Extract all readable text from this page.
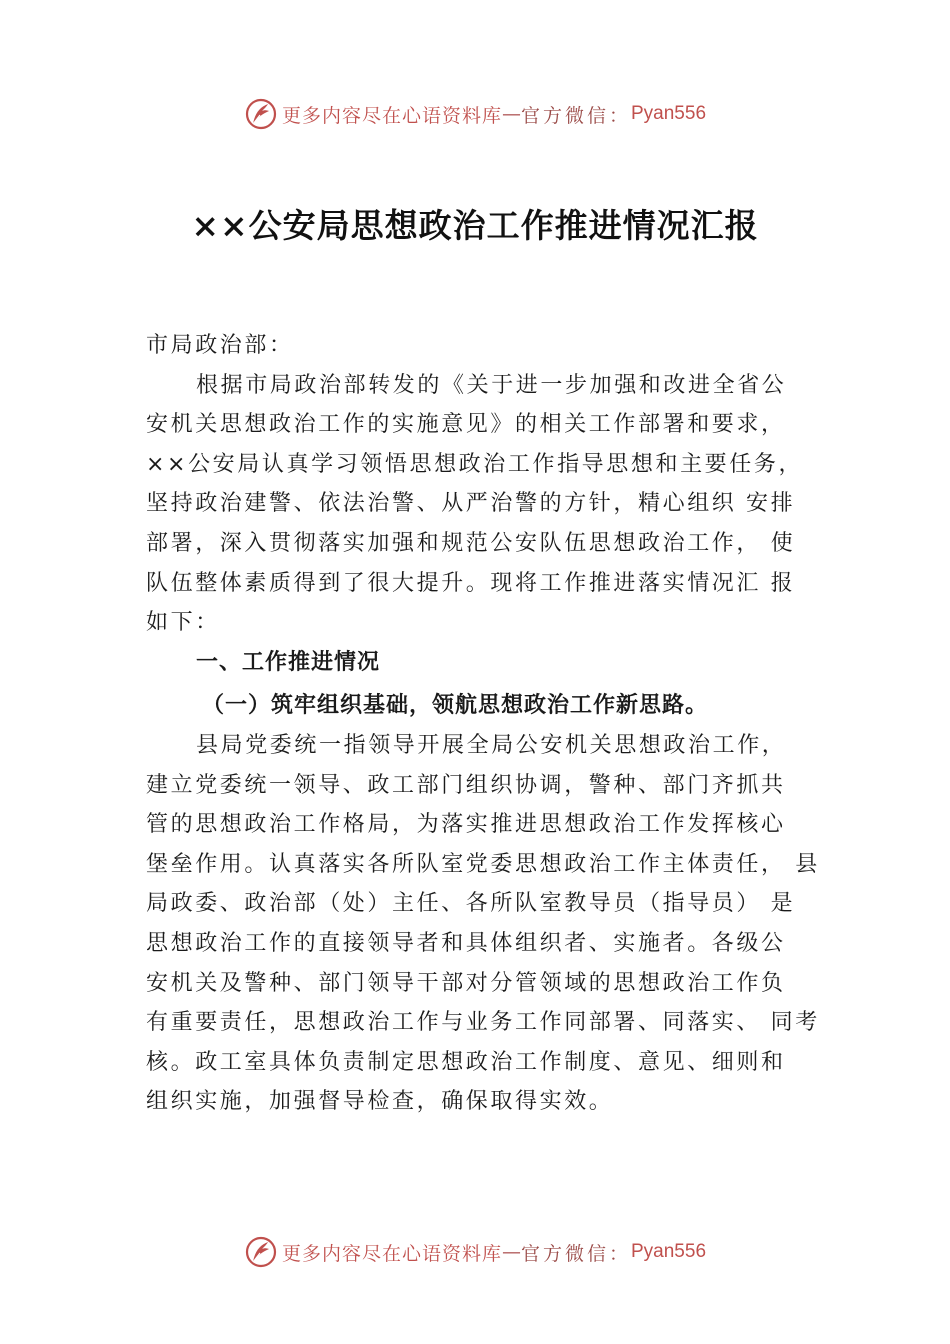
更多内容尽在心语资料库 — 官方微信： Pyan556
××公安局思想政治工作推进情况汇报
市局政治部：
根据市局政治部转发的《关于进一步加强和改进全省公
安机关思想政治工作的实施意见》的相关工作部署和要求，
××公安局认真学习领悟思想政治工作指导思想和主要任务，
坚持政治建警、依法治警、从严治警的方针，精心组织 安排
部署，深入贯彻落实加强和规范公安队伍思想政治工作， 使
队伍整体素质得到了很大提升。现将工作推进落实情况汇 报
如下：
一、工作推进情况
（一）筑牢组织基础，领航思想政治工作新思路。
县局党委统一指领导开展全局公安机关思想政治工作，
建立党委统一领导、政工部门组织协调，警种、部门齐抓共
管的思想政治工作格局，为落实推进思想政治工作发挥核心
堡垒作用。认真落实各所队室党委思想政治工作主体责任， 县
局政委、政治部（处）主任、各所队室教导员（指导员） 是
思想政治工作的直接领导者和具体组织者、实施者。各级公
安机关及警种、部门领导干部对分管领域的思想政治工作负
有重要责任，思想政治工作与业务工作同部署、同落实、 同考
核。政工室具体负责制定思想政治工作制度、意见、细则和
组织实施，加强督导检查，确保取得实效。
更多内容尽在心语资料库 — 官方微信： Pyan556
